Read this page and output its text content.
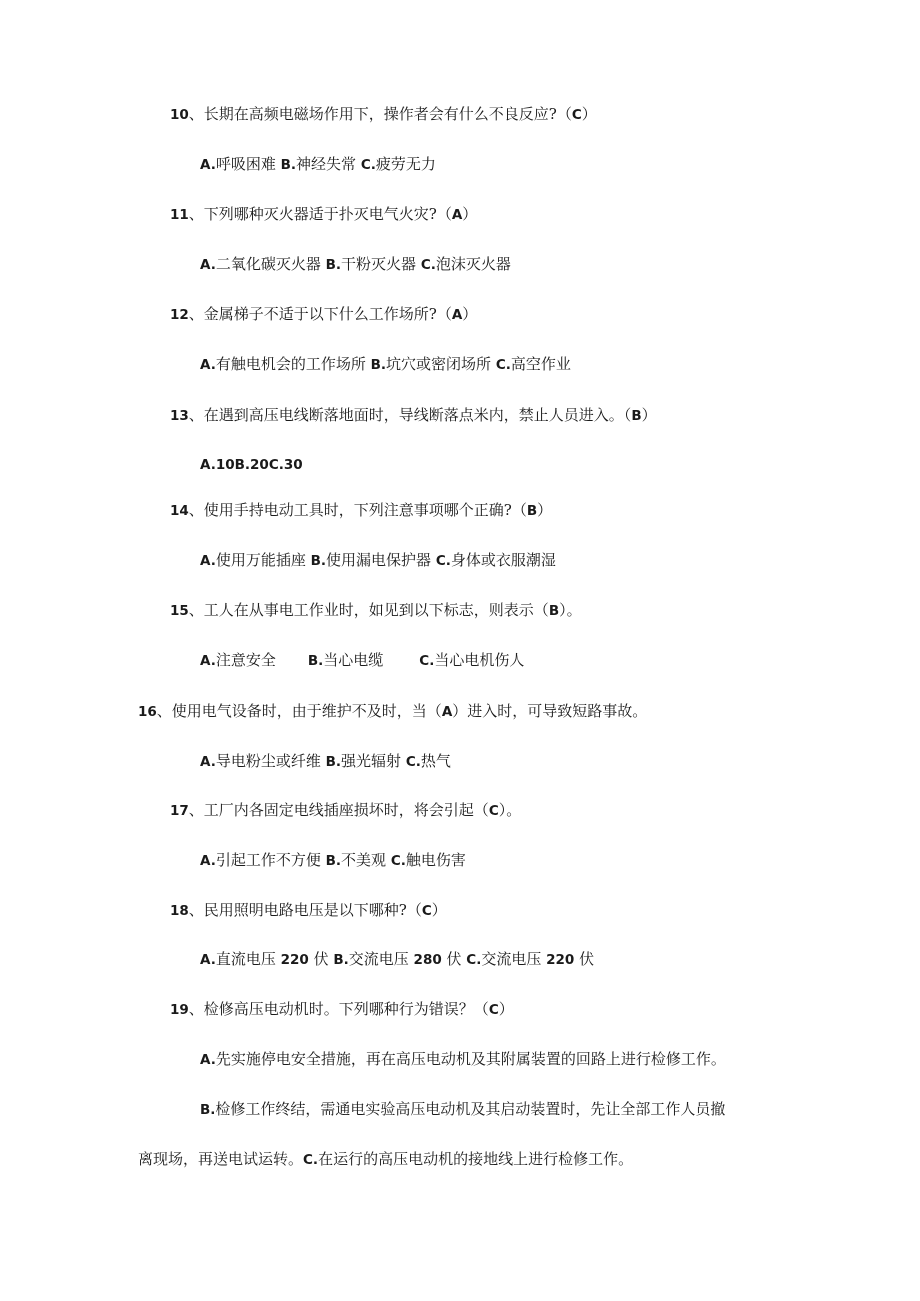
10、长期在高频电磁场作用下，操作者会有什么不良反应?（C）
A.呼吸困难 B.神经失常 C.疲劳无力
11、下列哪种灭火器适于扑灭电气火灾?（A）
A.二氧化碳灭火器 B.干粉灭火器 C.泡沫灭火器
12、金属梯子不适于以下什么工作场所?（A）
A.有触电机会的工作场所 B.坑穴或密闭场所 C.高空作业
13、在遇到高压电线断落地面时，导线断落点米内，禁止人员进入。（B）
A.10B.20C.30
14、使用手持电动工具时，下列注意事项哪个正确?（B）
A.使用万能插座 B.使用漏电保护器 C.身体或衣服潮湿
15、工人在从事电工作业时，如见到以下标志，则表示（B）。
A.注意安全 B.当心电缆	C.当心电机伤人
16、使用电气设备时，由于维护不及时，当（A）进入时，可导致短路事故。
A.导电粉尘或纤维 B.强光辐射 C.热气
17、工厂内各固定电线插座损坏时，将会引起（C）。
A.引起工作不方便 B.不美观 C.触电伤害
18、民用照明电路电压是以下哪种?（C）
A.直流电压 220 伏 B.交流电压 280 伏 C.交流电压 220 伏
19、检修高压电动机时。下列哪种行为错误？（C）
A.先实施停电安全措施，再在高压电动机及其附属装置的回路上进行检修工作。
B.检修工作终结，需通电实验高压电动机及其启动装置时，先让全部工作人员撤
离现场，再送电试运转。C.在运行的高压电动机的接地线上进行检修工作。
